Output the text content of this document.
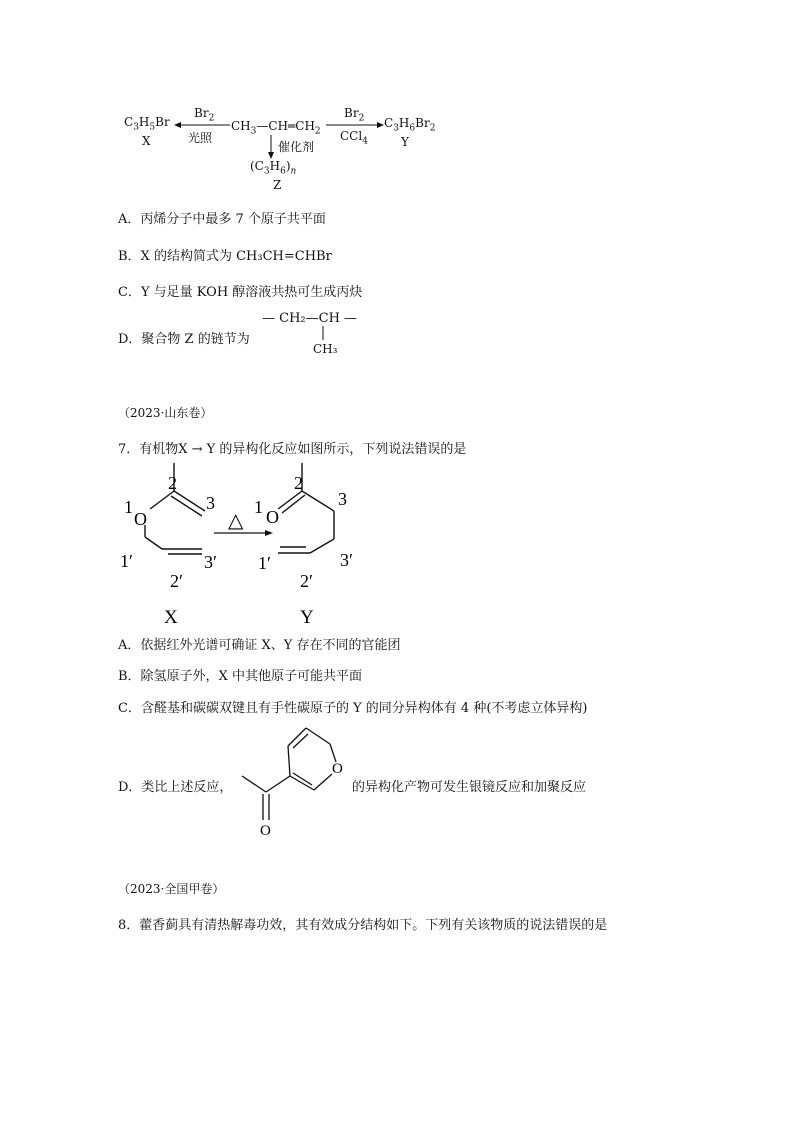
$C_3H_5Br$
X
$Br_2$
光照
$CH_3—CH═CH_2$
$Br_2$
CCl$_4$
$C_3H_6Br_2$
Y
催化剂
$(C_3H_6)_n$
Z
A．丙烯分子中最多 7 个原子共平面
B．X 的结构简式为 CH₃CH=CHBr
C．Y 与足量 KOH 醇溶液共热可生成丙炔
D．聚合物 Z 的链节为
— CH₂—CH —
CH₃
（2023·山东卷）
7．有机物X → Y 的异构化反应如图所示，下列说法错误的是
2
3
1
O
1′
2′
3′
X
△
2
3
1 O
1′
2′
3′
Y
A．依据红外光谱可确证 X、Y 存在不同的官能团
B．除氢原子外，X 中其他原子可能共平面
C．含醛基和碳碳双键且有手性碳原子的 Y 的同分异构体有 4 种(不考虑立体异构)
D．类比上述反应，
O
O
的异构化产物可发生银镜反应和加聚反应
（2023·全国甲卷）
8．藿香蓟具有清热解毒功效，其有效成分结构如下。下列有关该物质的说法错误的是
